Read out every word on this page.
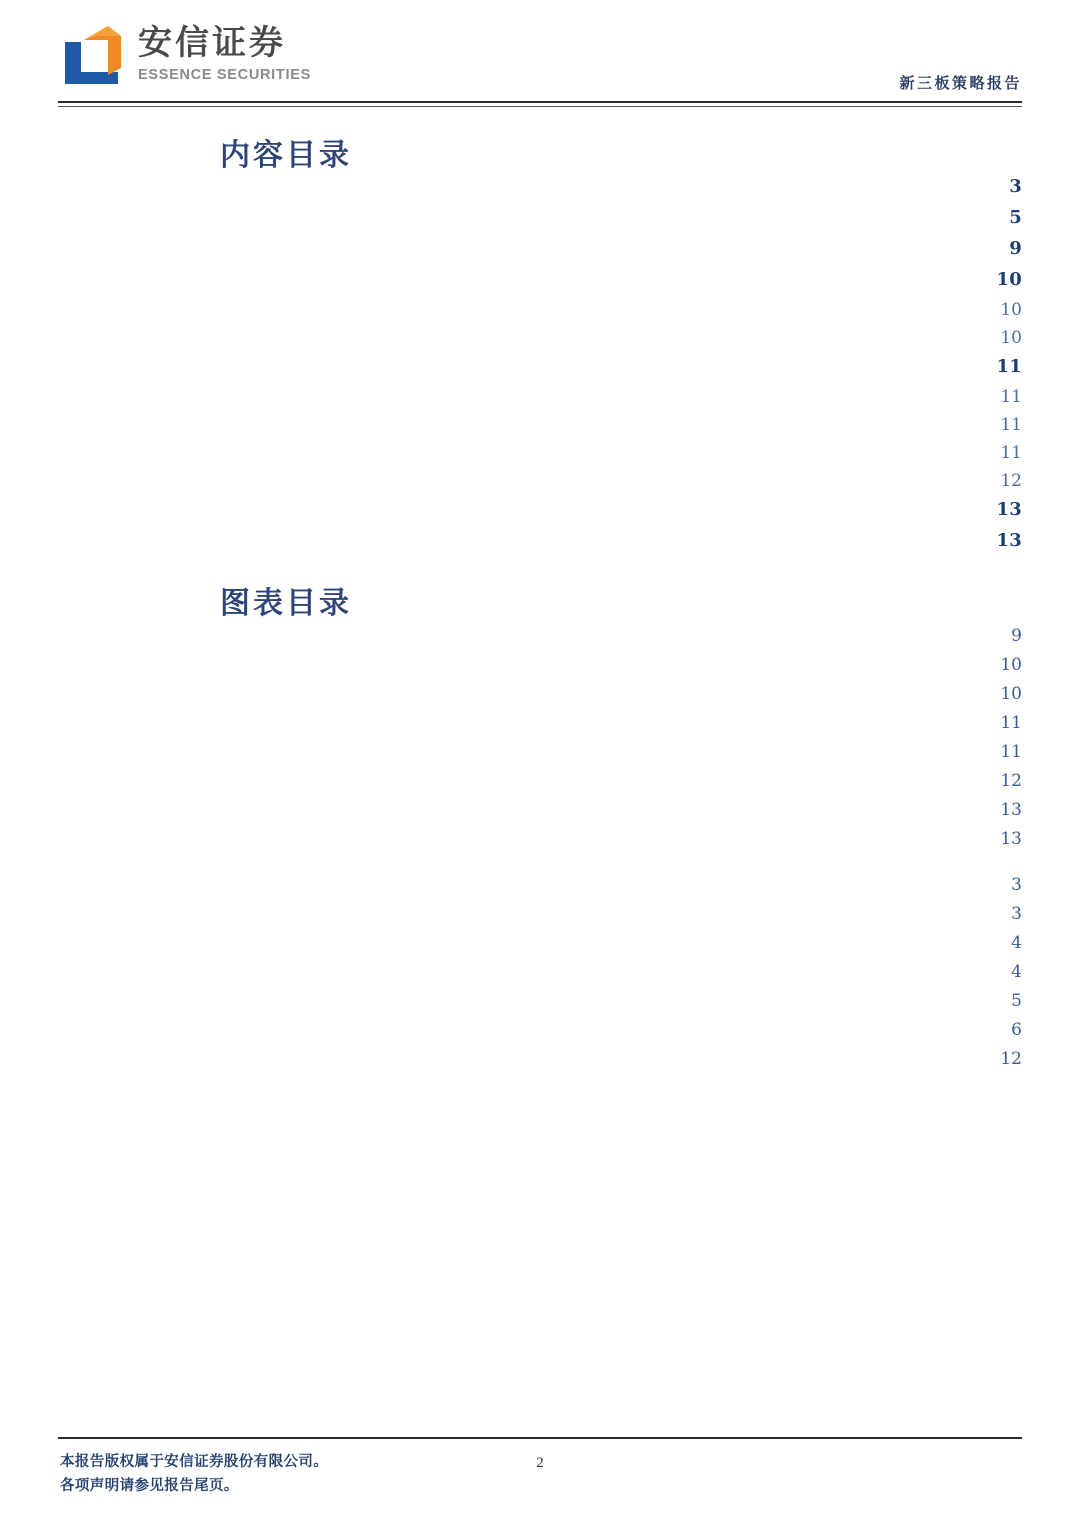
安信证券
ESSENCE SECURITIES	新三板策略报告
内容目录
.....
3
.....
5
.....
9
.....
10
.....
10
.....
10
.....
11
.....
11
.....
11
.....
11
.....
12
.....
13
.....
13
图表目录
.....
9
.....
10
.....
10
.....
11
.....
11
.....
12
.....
13
.....
13
.....
3
.....
3
.....
4
.....
4
.....
5
.....
6
.....
12
本报告版权属于安信证券股份有限公司。
各项声明请参见报告尾页。
2
